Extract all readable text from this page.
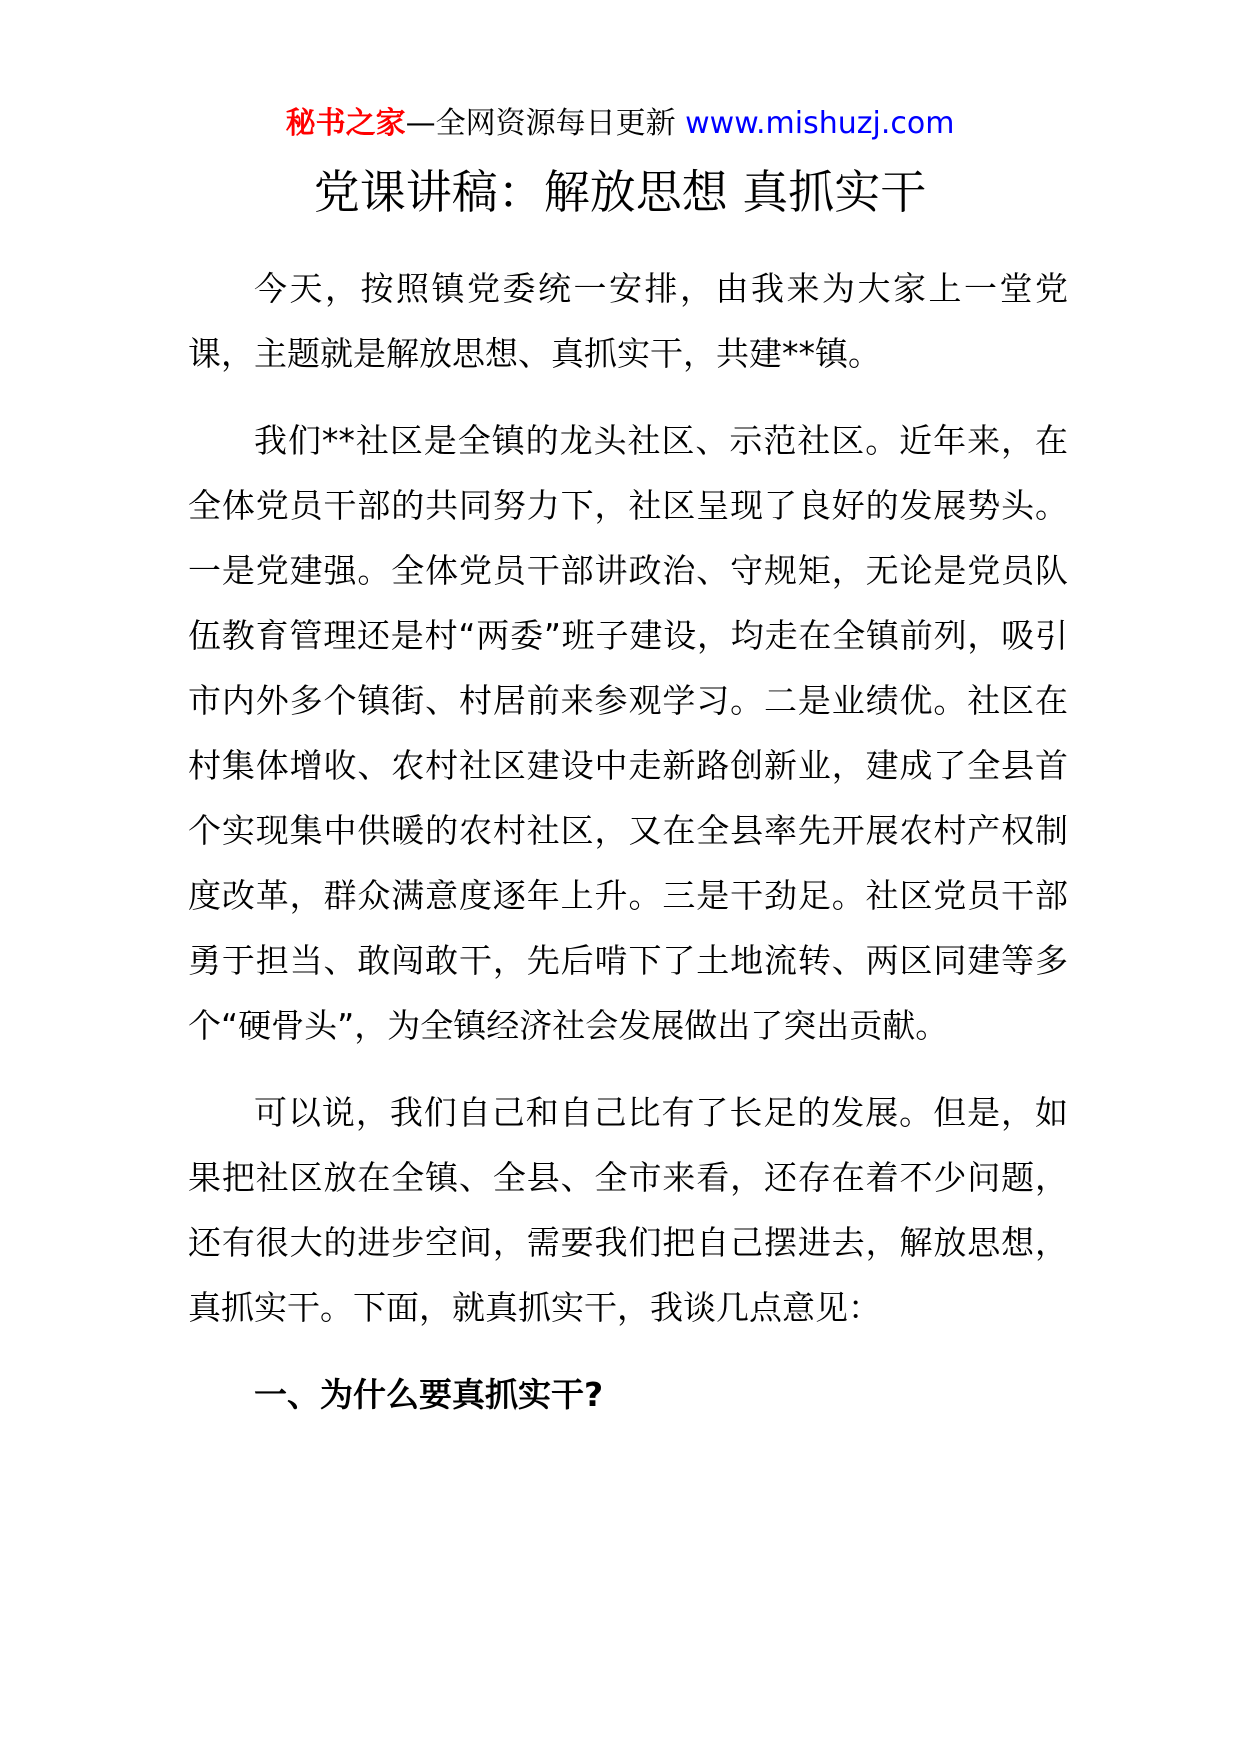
秘书之家—全网资源每日更新 www.mishuzj.com
党课讲稿：解放思想 真抓实干

今天，按照镇党委统一安排，由我来为大家上一堂党课，主题就是解放思想、真抓实干，共建**镇。

我们**社区是全镇的龙头社区、示范社区。近年来，在全体党员干部的共同努力下，社区呈现了良好的发展势头。一是党建强。全体党员干部讲政治、守规矩，无论是党员队伍教育管理还是村“两委”班子建设，均走在全镇前列，吸引市内外多个镇街、村居前来参观学习。二是业绩优。社区在村集体增收、农村社区建设中走新路创新业，建成了全县首个实现集中供暖的农村社区，又在全县率先开展农村产权制度改革，群众满意度逐年上升。三是干劲足。社区党员干部勇于担当、敢闯敢干，先后啃下了土地流转、两区同建等多个“硬骨头”，为全镇经济社会发展做出了突出贡献。

可以说，我们自己和自己比有了长足的发展。但是，如果把社区放在全镇、全县、全市来看，还存在着不少问题，还有很大的进步空间，需要我们把自己摆进去，解放思想，真抓实干。下面，就真抓实干，我谈几点意见：

一、为什么要真抓实干?
